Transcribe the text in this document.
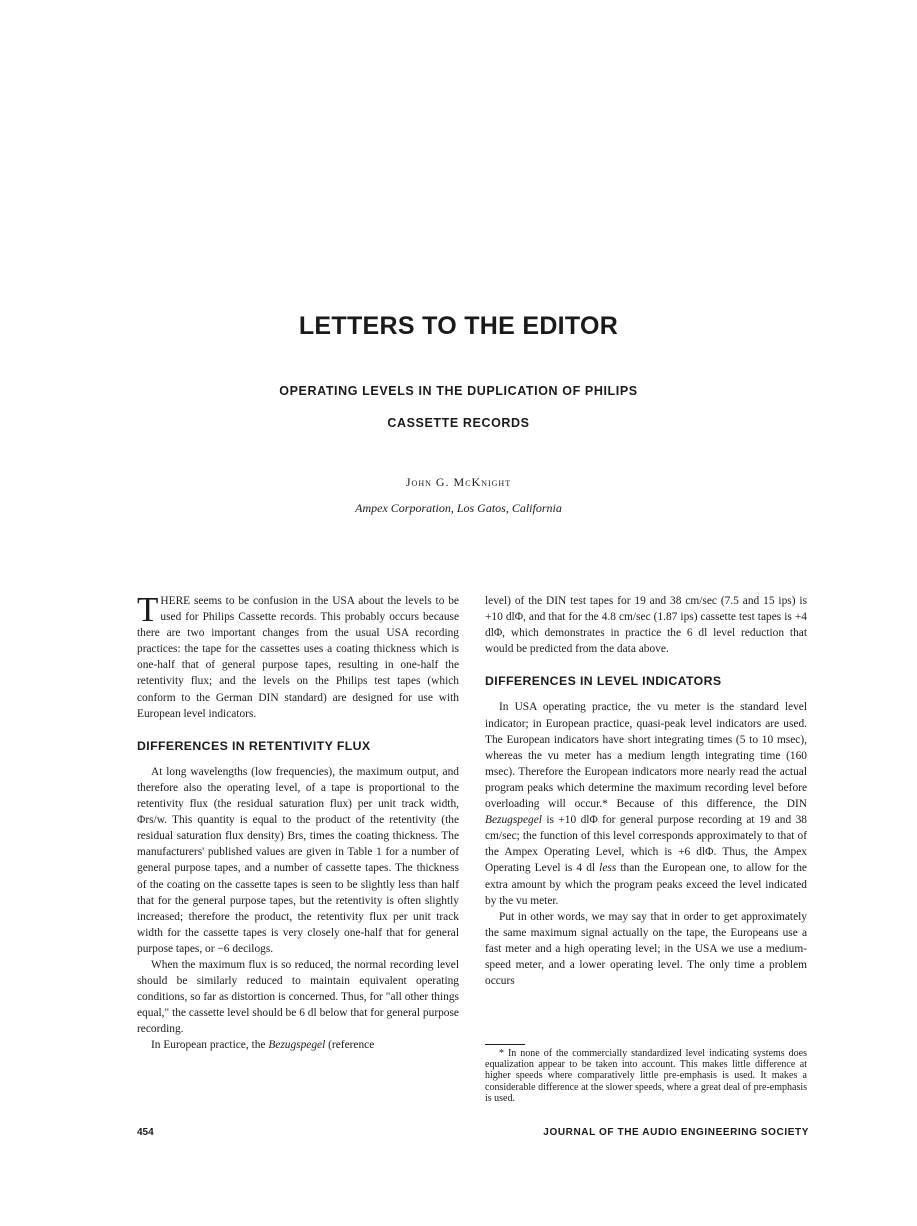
LETTERS TO THE EDITOR
OPERATING LEVELS IN THE DUPLICATION OF PHILIPS
CASSETTE RECORDS
John G. McKnight
Ampex Corporation, Los Gatos, California

THERE seems to be confusion in the USA about the levels to be used for Philips Cassette records. This probably occurs because there are two important changes from the usual USA recording practices: the tape for the cassettes uses a coating thickness which is one-half that of general purpose tapes, resulting in one-half the retentivity flux; and the levels on the Philips test tapes (which conform to the German DIN standard) are designed for use with European level indicators.

DIFFERENCES IN RETENTIVITY FLUX

At long wavelengths (low frequencies), the maximum output, and therefore also the operating level, of a tape is proportional to the retentivity flux (the residual saturation flux) per unit track width, Φrs/w. This quantity is equal to the product of the retentivity (the residual saturation flux density) Brs, times the coating thickness. The manufacturers' published values are given in Table 1 for a number of general purpose tapes, and a number of cassette tapes. The thickness of the coating on the cassette tapes is seen to be slightly less than half that for the general purpose tapes, but the retentivity is often slightly increased; therefore the product, the retentivity flux per unit track width for the cassette tapes is very closely one-half that for general purpose tapes, or −6 decilogs.

When the maximum flux is so reduced, the normal recording level should be similarly reduced to maintain equivalent operating conditions, so far as distortion is concerned. Thus, for "all other things equal," the cassette level should be 6 dl below that for general purpose recording.

In European practice, the Bezugspegel (reference

level) of the DIN test tapes for 19 and 38 cm/sec (7.5 and 15 ips) is +10 dlΦ, and that for the 4.8 cm/sec (1.87 ips) cassette test tapes is +4 dlΦ, which demonstrates in practice the 6 dl level reduction that would be predicted from the data above.

DIFFERENCES IN LEVEL INDICATORS

In USA operating practice, the vu meter is the standard level indicator; in European practice, quasi-peak level indicators are used. The European indicators have short integrating times (5 to 10 msec), whereas the vu meter has a medium length integrating time (160 msec). Therefore the European indicators more nearly read the actual program peaks which determine the maximum recording level before overloading will occur.* Because of this difference, the DIN Bezugspegel is +10 dlΦ for general purpose recording at 19 and 38 cm/sec; the function of this level corresponds approximately to that of the Ampex Operating Level, which is +6 dlΦ. Thus, the Ampex Operating Level is 4 dl less than the European one, to allow for the extra amount by which the program peaks exceed the level indicated by the vu meter.

Put in other words, we may say that in order to get approximately the same maximum signal actually on the tape, the Europeans use a fast meter and a high operating level; in the USA we use a medium-speed meter, and a lower operating level. The only time a problem occurs

* In none of the commercially standardized level indicating systems does equalization appear to be taken into account. This makes little difference at higher speeds where comparatively little pre-emphasis is used. It makes a considerable difference at the slower speeds, where a great deal of pre-emphasis is used.

454	JOURNAL OF THE AUDIO ENGINEERING SOCIETY
